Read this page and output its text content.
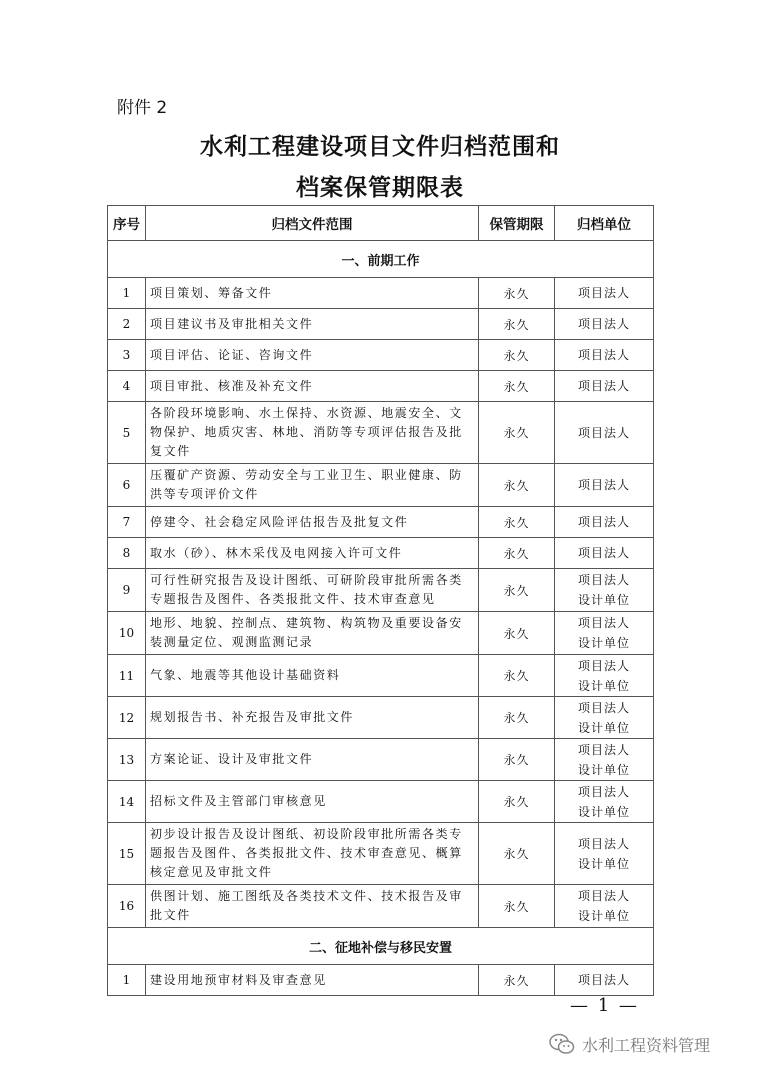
附件 2
水利工程建设项目文件归档范围和
档案保管期限表
序号	归档文件范围	保管期限	归档单位
一、前期工作			
1	项目策划、筹备文件	永久	项目法人

2	项目建议书及审批相关文件	永久	项目法人

3	项目评估、论证、咨询文件	永久	项目法人

4	项目审批、核准及补充文件	永久	项目法人

5	各阶段环境影响、水土保持、水资源、地震安全、文物保护、地质灾害、林地、消防等专项评估报告及批复文件	永久	项目法人

6	压覆矿产资源、劳动安全与工业卫生、职业健康、防洪等专项评价文件	永久	项目法人

7	停建令、社会稳定风险评估报告及批复文件	永久	项目法人

8	取水（砂）、林木采伐及电网接入许可文件	永久	项目法人

9	可行性研究报告及设计图纸、可研阶段审批所需各类专题报告及图件、各类报批文件、技术审查意见	永久	项目法人
设计单位

10	地形、地貌、控制点、建筑物、构筑物及重要设备安装测量定位、观测监测记录	永久	项目法人
设计单位

11	气象、地震等其他设计基础资料	永久	项目法人
设计单位

12	规划报告书、补充报告及审批文件	永久	项目法人
设计单位

13	方案论证、设计及审批文件	永久	项目法人
设计单位

14	招标文件及主管部门审核意见	永久	项目法人
设计单位

15	初步设计报告及设计图纸、初设阶段审批所需各类专题报告及图件、各类报批文件、技术审查意见、概算核定意见及审批文件	永久	项目法人
设计单位

16	供图计划、施工图纸及各类技术文件、技术报告及审批文件	永久	项目法人
设计单位

二、征地补偿与移民安置			
1	建设用地预审材料及审查意见	永久	项目法人
— 1 —
水利工程资料管理
